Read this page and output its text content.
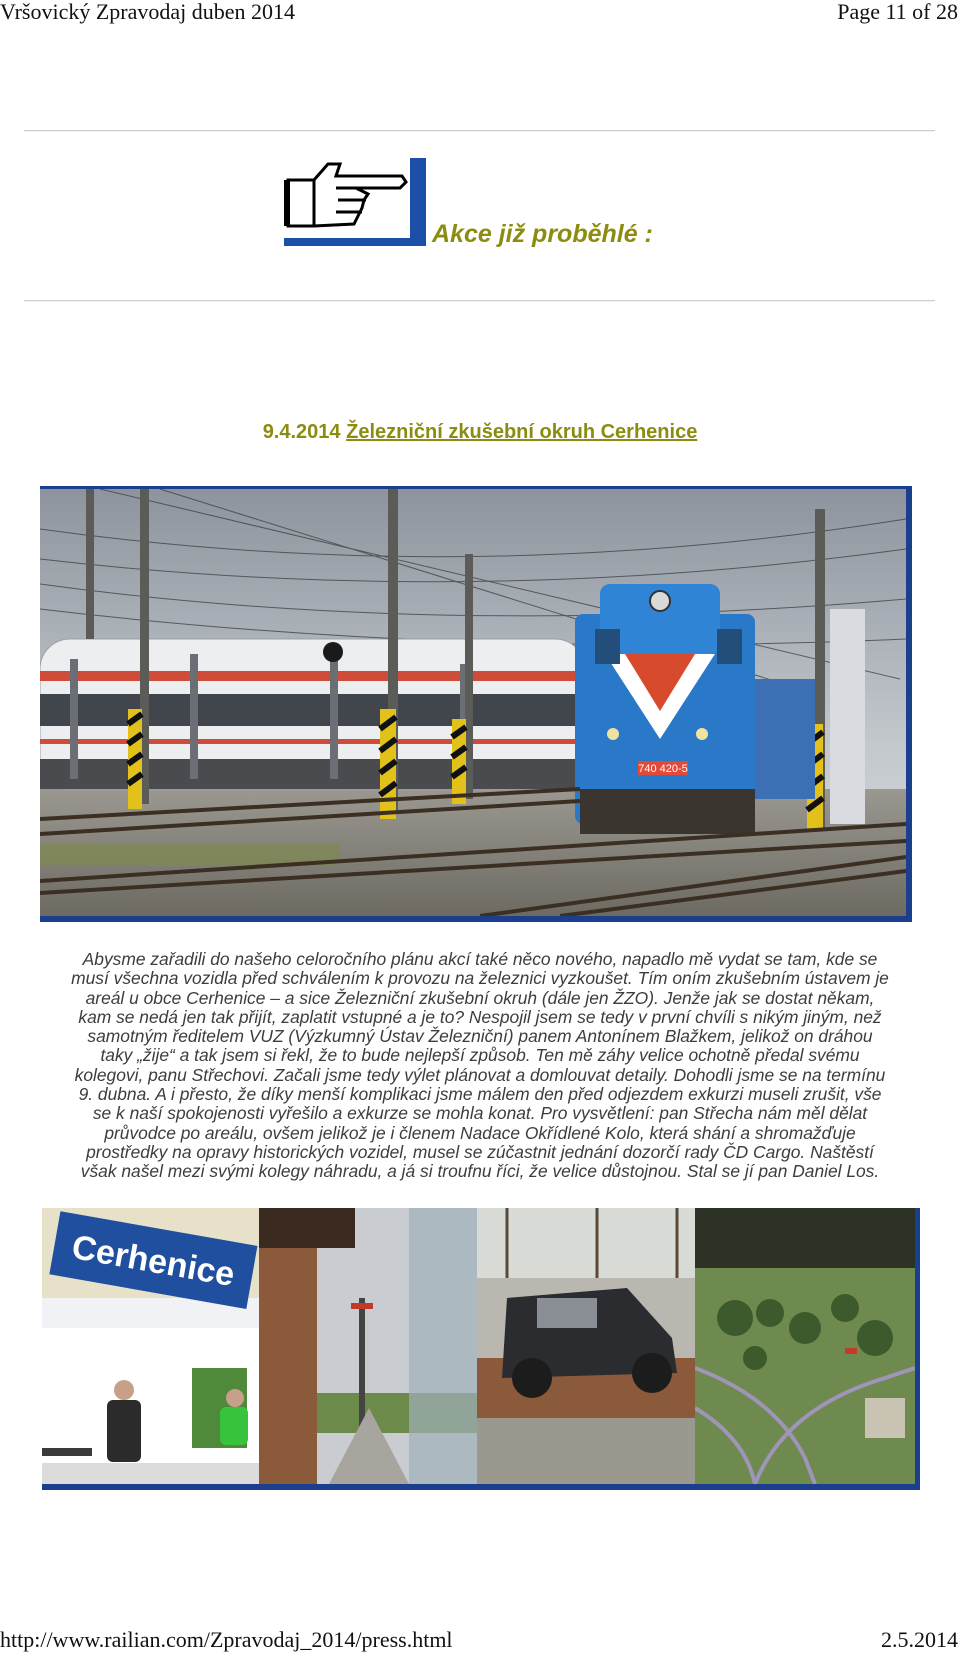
Vršovický Zpravodaj duben 2014	Page 11 of 28
Akce již proběhlé :
9.4.2014 Železniční zkušební okruh Cerhenice
740 420-5
Abysme zařadili do našeho celoročního plánu akcí také něco nového, napadlo mě vydat se tam, kde se
musí všechna vozidla před schválením k provozu na železnici vyzkoušet. Tím oním zkušebním ústavem je
areál u obce Cerhenice – a sice Železniční zkušební okruh (dále jen ŽZO). Jenže jak se dostat někam,
kam se nedá jen tak přijít, zaplatit vstupné a je to? Nespojil jsem se tedy v první chvíli s nikým jiným, než
samotným ředitelem VUZ (Výzkumný Ústav Železniční) panem Antonínem Blažkem, jelikož on dráhou
taky „žije“ a tak jsem si řekl, že to bude nejlepší způsob. Ten mě záhy velice ochotně předal svému
kolegovi, panu Střechovi. Začali jsme tedy výlet plánovat a domlouvat detaily. Dohodli jsme se na termínu
9. dubna. A i přesto, že díky menší komplikaci jsme málem den před odjezdem exkurzi museli zrušit, vše
se k naší spokojenosti vyřešilo a exkurze se mohla konat. Pro vysvětlení: pan Střecha nám měl dělat
průvodce po areálu, ovšem jelikož je i členem Nadace Okřídlené Kolo, která shání a shromažďuje
prostředky na opravy historických vozidel, musel se zúčastnit jednání dozorčí rady ČD Cargo. Naštěstí
však našel mezi svými kolegy náhradu, a já si troufnu říci, že velice důstojnou. Stal se jí pan Daniel Los.
Cerhenice
http://www.railian.com/Zpravodaj_2014/press.html	2.5.2014
